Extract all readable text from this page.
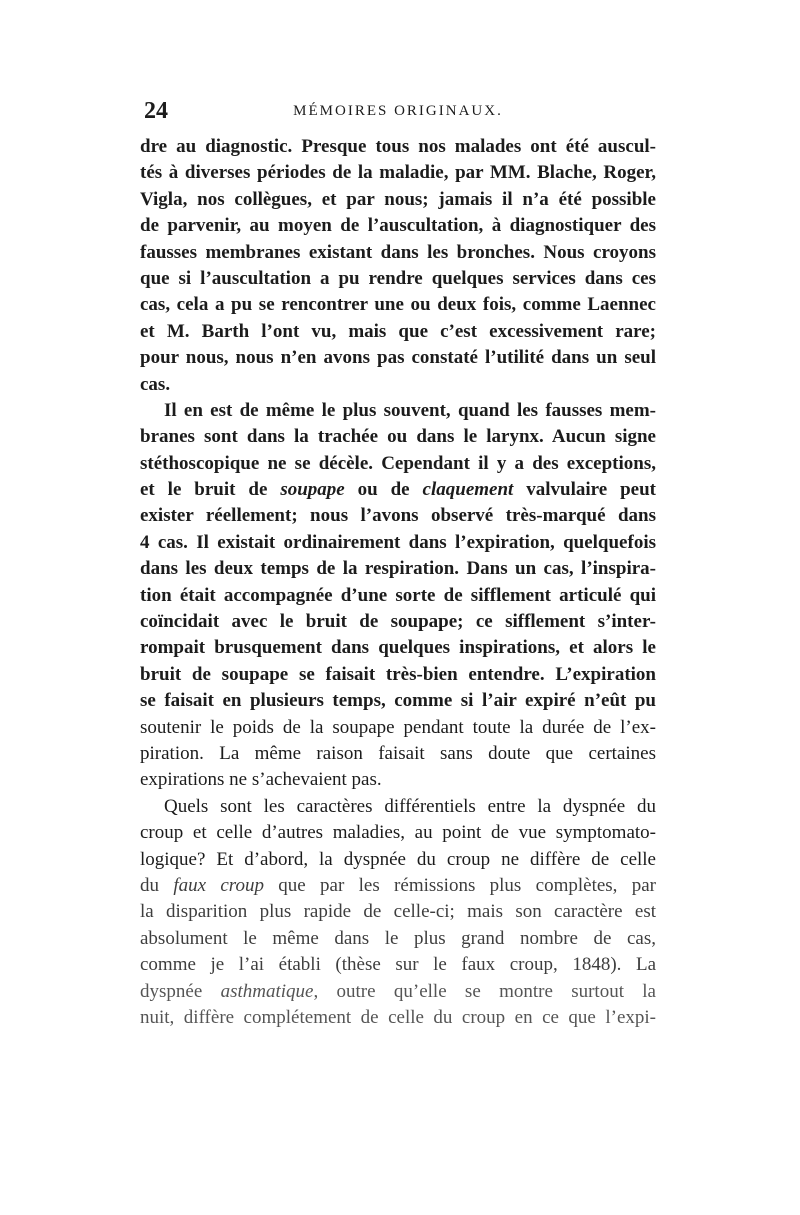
24	MÉMOIRES ORIGINAUX.
dre au diagnostic. Presque tous nos malades ont été auscul-
tés à diverses périodes de la maladie, par MM. Blache, Roger,
Vigla, nos collègues, et par nous; jamais il n’a été possible
de parvenir, au moyen de l’auscultation, à diagnostiquer des
fausses membranes existant dans les bronches. Nous croyons
que si l’auscultation a pu rendre quelques services dans ces
cas, cela a pu se rencontrer une ou deux fois, comme Laennec
et M. Barth l’ont vu, mais que c’est excessivement rare;
pour nous, nous n’en avons pas constaté l’utilité dans un seul
cas.
Il en est de même le plus souvent, quand les fausses mem-
branes sont dans la trachée ou dans le larynx. Aucun signe
stéthoscopique ne se décèle. Cependant il y a des exceptions,
et le bruit de soupape ou de claquement valvulaire peut
exister réellement; nous l’avons observé très-marqué dans
4 cas. Il existait ordinairement dans l’expiration, quelquefois
dans les deux temps de la respiration. Dans un cas, l’inspira-
tion était accompagnée d’une sorte de sifflement articulé qui
coïncidait avec le bruit de soupape; ce sifflement s’inter-
rompait brusquement dans quelques inspirations, et alors le
bruit de soupape se faisait très-bien entendre. L’expiration
se faisait en plusieurs temps, comme si l’air expiré n’eût pu
soutenir le poids de la soupape pendant toute la durée de l’ex-
piration. La même raison faisait sans doute que certaines
expirations ne s’achevaient pas.
Quels sont les caractères différentiels entre la dyspnée du
croup et celle d’autres maladies, au point de vue symptomato-
logique? Et d’abord, la dyspnée du croup ne diffère de celle
du faux croup que par les rémissions plus complètes, par
la disparition plus rapide de celle-ci; mais son caractère est
absolument le même dans le plus grand nombre de cas,
comme je l’ai établi (thèse sur le faux croup, 1848). La
dyspnée asthmatique, outre qu’elle se montre surtout la
nuit, diffère complétement de celle du croup en ce que l’expi-
